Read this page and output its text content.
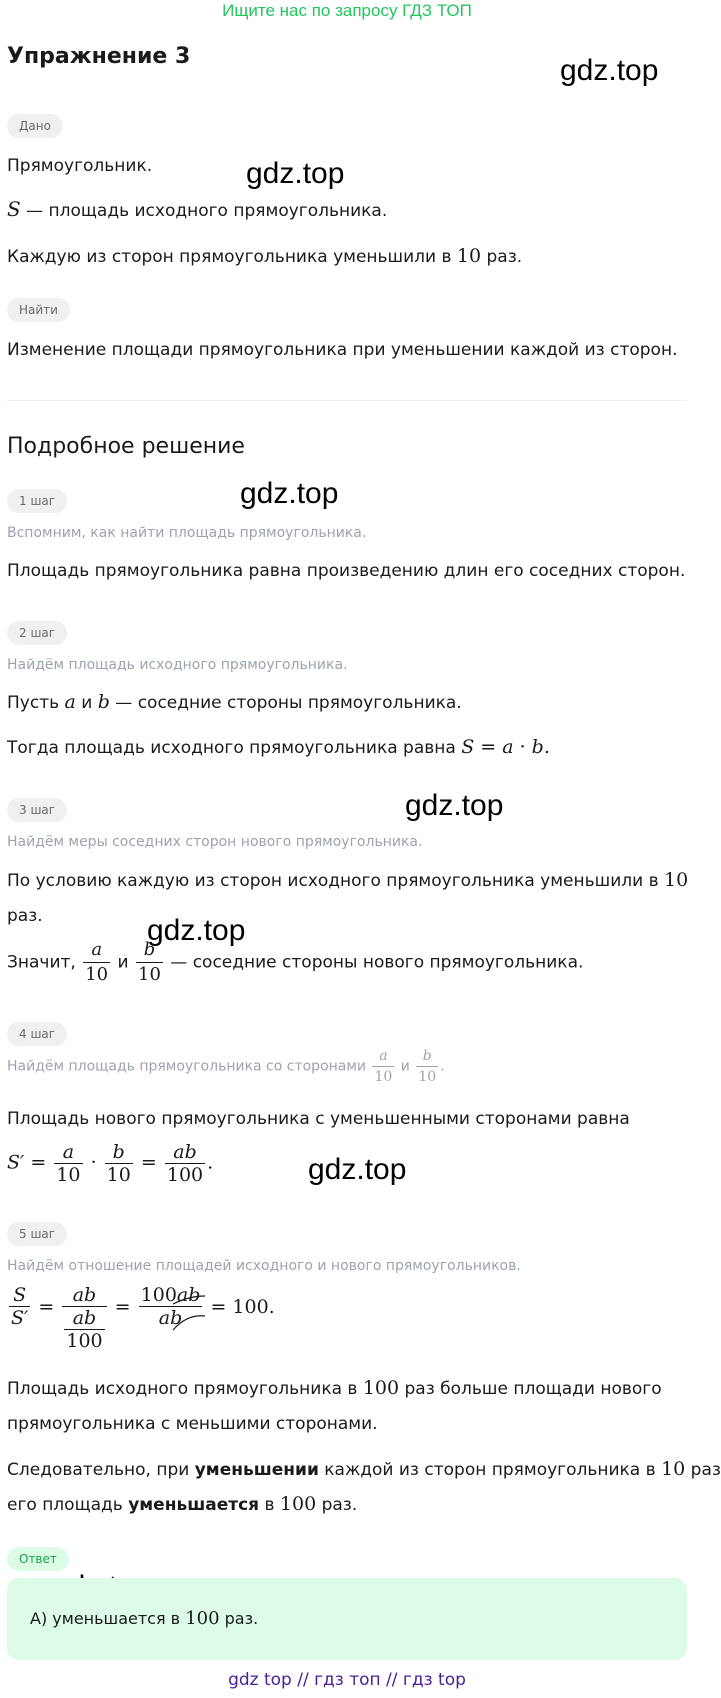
Ищите нас по запросу ГДЗ ТОП
Упражнение 3	gdz.top
gdz.top
gdz.top
gdz.top
gdz.top
gdz.top
Дано
Прямоугольник.
S — площадь исходного прямоугольника.
Каждую из сторон прямоугольника уменьшили в 10 раз.
Найти
Изменение площади прямоугольника при уменьшении каждой из сторон.
Подробное решение
1 шаг
Вспомним, как найти площадь прямоугольника.
Площадь прямоугольника равна произведению длин его соседних сторон.
2 шаг
Найдём площадь исходного прямоугольника.
Пусть a и b — соседние стороны прямоугольника.
Тогда площадь исходного прямоугольника равна S = a · b.
3 шаг
Найдём меры соседних сторон нового прямоугольника.
По условию каждую из сторон исходного прямоугольника уменьшили в 10
раз.
Значит, $\frac{a}{10}$ и $\frac{b}{10}$ — соседние стороны нового прямоугольника.
4 шаг
Найдём площадь прямоугольника со сторонами $\frac{a}{10}$ и $\frac{b}{10}$ .
Площадь нового прямоугольника с уменьшенными сторонами равна
$S' = \frac{a}{10} \cdot \frac{b}{10} = \frac{ab}{100}$ .
5 шаг
Найдём отношение площадей исходного и нового прямоугольников.
$\frac{S}{S'} = \frac{ab}{\frac{ab}{100}} = \frac{100ab}{ab} = 100$.
Площадь исходного прямоугольника в 100 раз больше площади нового
прямоугольника с меньшими сторонами.
Следовательно, при уменьшении каждой из сторон прямоугольника в 10 раз
его площадь уменьшается в 100 раз.
Ответ
А) уменьшается в 100 раз.
gdz top // гдз топ // гдз top
